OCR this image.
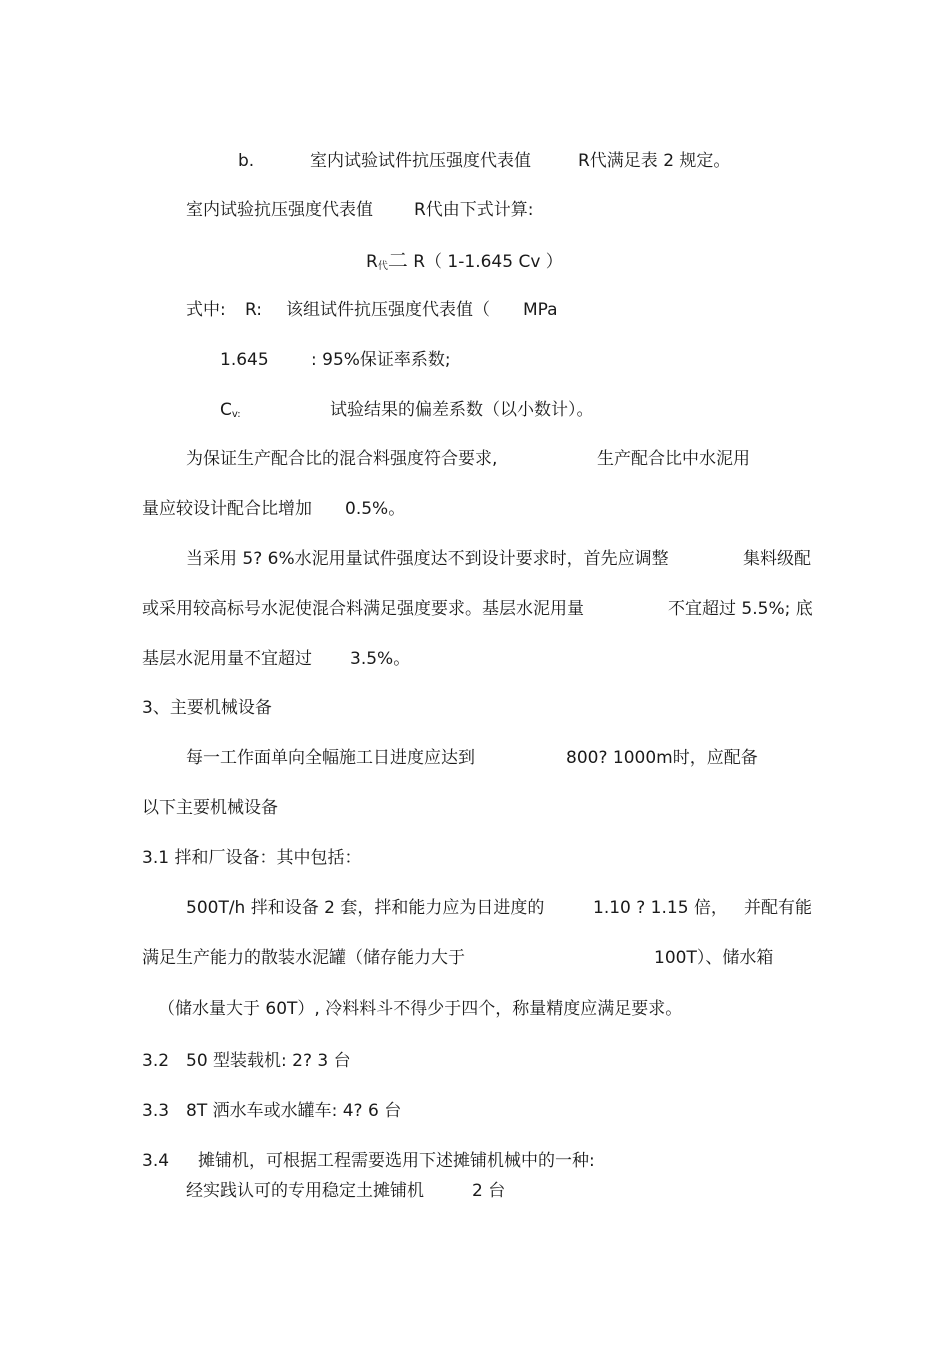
b.	室内试验试件抗压强度代表值	R代满足表 2 规定。
室内试验抗压强度代表值 R代由下式计算:
R代二 R（ 1-1.645 Cv ）
式中: R: 该组试件抗压强度代表值（ MPa
1.645 : 95%保证率系数;
Cv:	试验结果的偏差系数（以小数计）。
为保证生产配合比的混合料强度符合要求,	生产配合比中水泥用
量应较设计配合比增加 0.5%。
当采用 5? 6%水泥用量试件强度达不到设计要求时，首先应调整	集料级配
或采用较高标号水泥使混合料满足强度要求。基层水泥用量	不宜超过 5.5%; 底
基层水泥用量不宜超过 3.5%。
3、主要机械设备
每一工作面单向全幅施工日进度应达到	800? 1000m时，应配备
以下主要机械设备
3.1 拌和厂设备：其中包括：
500T/h 拌和设备 2 套，拌和能力应为日进度的	1.10 ? 1.15 倍， 并配有能
满足生产能力的散装水泥罐（储存能力大于	100T）、储水箱
（储水量大于 60T）, 冷料料斗不得少于四个，称量精度应满足要求。
3.2 50 型装载机: 2? 3 台
3.3 8T 洒水车或水罐车: 4? 6 台
3.4 摊铺机，可根据工程需要选用下述摊铺机械中的一种:
经实践认可的专用稳定土摊铺机	2 台
